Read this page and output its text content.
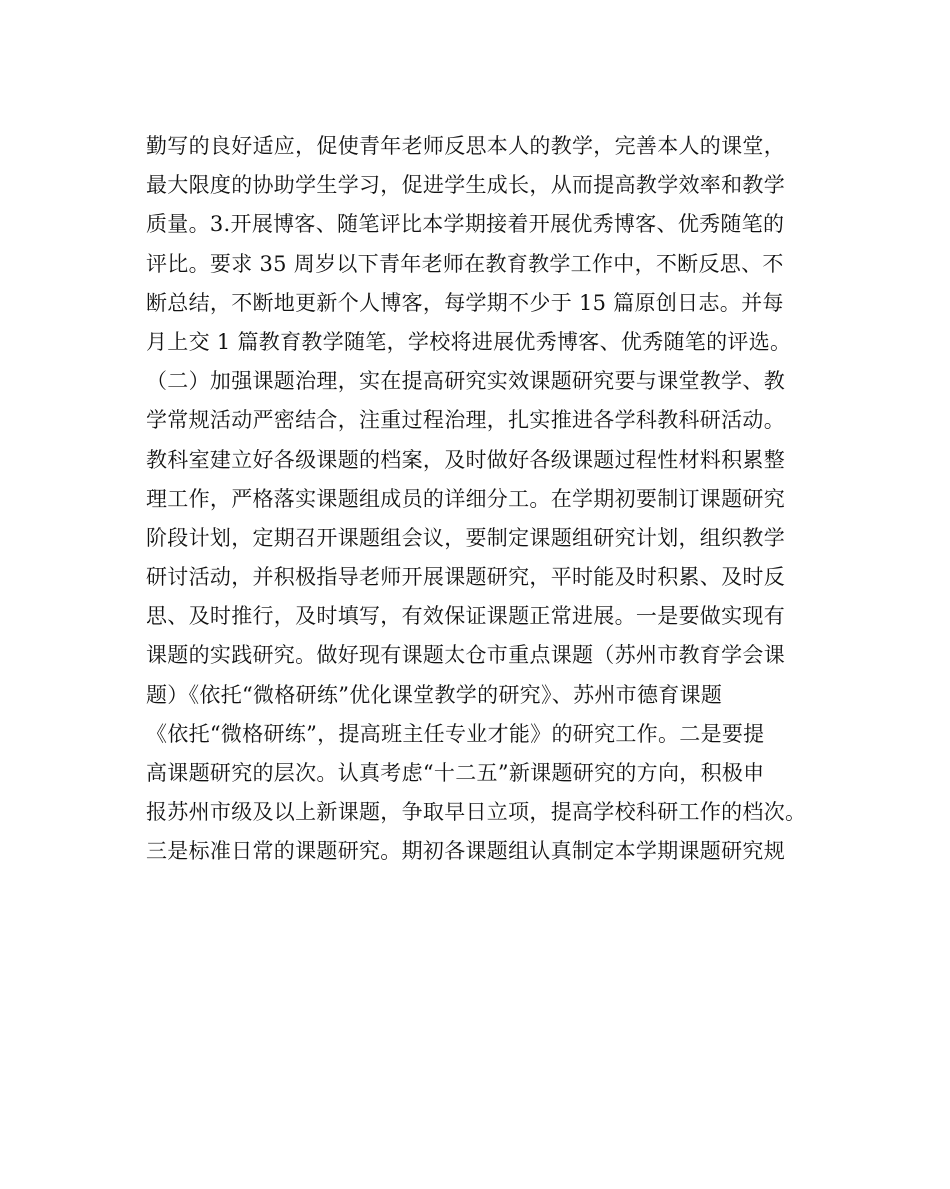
勤写的良好适应，促使青年老师反思本人的教学，完善本人的课堂，
最大限度的协助学生学习，促进学生成长，从而提高教学效率和教学
质量。3.开展博客、随笔评比本学期接着开展优秀博客、优秀随笔的
评比。要求 35 周岁以下青年老师在教育教学工作中，不断反思、不
断总结，不断地更新个人博客，每学期不少于 15 篇原创日志。并每
月上交 1 篇教育教学随笔，学校将进展优秀博客、优秀随笔的评选。
（二）加强课题治理，实在提高研究实效课题研究要与课堂教学、教
学常规活动严密结合，注重过程治理，扎实推进各学科教科研活动。
教科室建立好各级课题的档案，及时做好各级课题过程性材料积累整
理工作，严格落实课题组成员的详细分工。在学期初要制订课题研究
阶段计划，定期召开课题组会议，要制定课题组研究计划，组织教学
研讨活动，并积极指导老师开展课题研究，平时能及时积累、及时反
思、及时推行，及时填写，有效保证课题正常进展。一是要做实现有
课题的实践研究。做好现有课题太仓市重点课题（苏州市教育学会课
题）《依托“微格研练”优化课堂教学的研究》、苏州市德育课题
《依托“微格研练”，提高班主任专业才能》的研究工作。二是要提
高课题研究的层次。认真考虑“十二五”新课题研究的方向，积极申
报苏州市级及以上新课题，争取早日立项，提高学校科研工作的档次。
三是标准日常的课题研究。期初各课题组认真制定本学期课题研究规
